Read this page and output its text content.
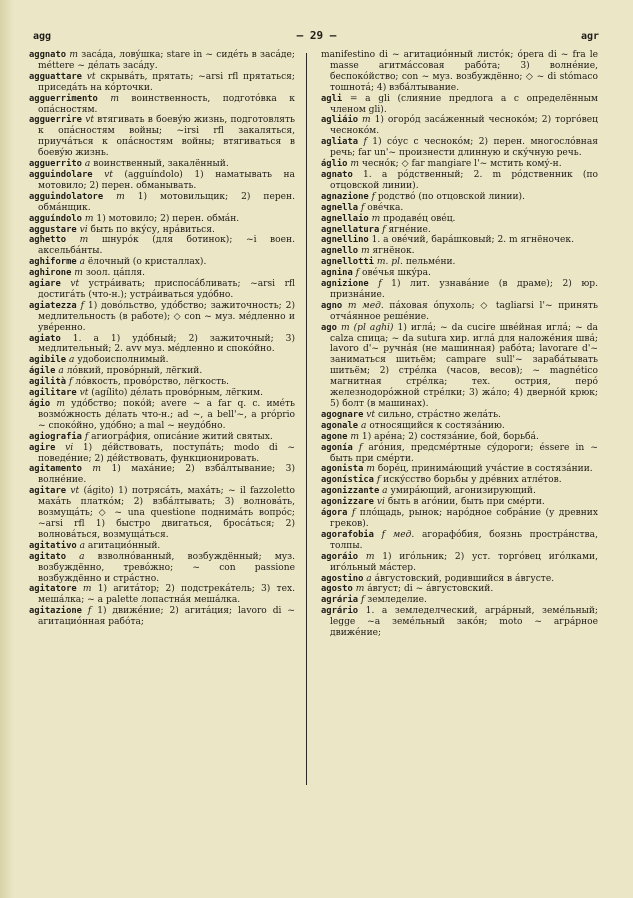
agg	— 29 —	agr

aggnato m засáда, ловýшка; stare in ~ сидéть в засáде; méttere ~ дéлать засáду.

agguattare vt скрывáть, прятать; ~arsi rfl прятаться; приседáть на кóрточки.

agguerrimento m воинственность, подготóвка к опáсностям.

agguerrire vt втягивать в боевýю жизнь, подготовлять к опáсностям войны; ~irsi rfl закаляться, приучáться к опáсностям войны; втягиваться в боевýю жизнь.

agguerrito a воинственный, закалённый.

agguindolare vt (agguíndolo) 1) наматывать на мотовило; 2) перен. обманывать.

agguindolatore m 1) мотовильщик; 2) перен. обмáнщик.

agguíndolo m 1) мотовило; 2) перен. обмáн.

aggustare vi быть по вкýсу, нрáвиться.

aghetto m шнурóк (для ботинок); ~i воен. аксельбáнты.

aghiforme a ёлочный (о кристаллах).

aghirone m зоол. цáпля.

agiare vt устрáивать; приспосáбливать; ~arsi rfl достигáть (что-н.); устрáиваться удóбно.

agiatezza f 1) довóльство, удóбство; зажиточность; 2) медлительность (в работе); ◇ con ~ муз. мéдленно и увéренно.

agiato 1. a 1) удóбный; 2) зажиточный; 3) медлительный; 2. avv муз. мéдленно и спокóйно.

agibile a удобоисполнимый.

ágile a лóвкий, провóрный, лёгкий.

agilità f лóвкость, провóрство, лёгкость.

agilitare vt (agílito) дéлать провóрным, лёгким.

ágio m удóбство; покóй; avere ~ a far q. c. имéть возмóжность дéлать что-н.; ad ~, a bell'~, a próprio ~ спокóйно, удóбно; a mal ~ неудóбно.

agiografia f агиогрáфия, описáние житий святых.

agire vi 1) дéйствовать, поступáть; modo di ~ поведéние; 2) дéйствовать, функционировать.

agitamento m 1) махáние; 2) взбáлтывание; 3) волнéние.

agitare vt (ágito) 1) потрясáть, махáть; ~ il fazzoletto махáть платкóм; 2) взбáлтывать; 3) волновáть, возмущáть; ◇ ~ una questione поднимáть вопрóс; ~arsi rfl 1) быстро двигаться, бросáться; 2) волновáться, возмущáться.

agitativo a агитациóнный.

agitato a взволнóванный, возбуждённый; муз. возбуждённо, тревóжно; ~ con passione возбуждённо и стрáстно.

agitatore m 1) агитáтор; 2) подстрекáтель; 3) тех. мешáлка; ~ a palette лопастнáя мешáлка.

agitazione f 1) движéние; 2) агитáция; lavoro di ~ агитациóнная рабóта;

manifestino di ~ агитациóнный листóк; ópera di ~ fra le masse агитмáссовая рабóта; 3) волнéние, беспокóйство; con ~ муз. возбуждённо; ◇ ~ di stómaco тошнотá; 4) взбáлтывание.

agli = a gli (слияние предлога a с определённым членом gli).

agliáio m 1) огорóд засáженный чеснокóм; 2) торгóвец чеснокóм.

agliata f 1) сóус с чеснокóм; 2) перен. многослóвная речь; far un'~ произнести длинную и скýчную речь.

áglio m чеснóк; ◇ far mangiare l'~ мстить комý-н.

agnato 1. a рóдственный; 2. m рóдственник (по отцовской линии).

agnazione f родствó (по отцовской линии).

agnella f овéчка.

agnellaio m продавéц овéц.

agnellatura f ягнéние.

agnellino 1. a овéчий, барáшковый; 2. m ягнёночек.

agnello m ягнёнок.

agnellotti m. pl. пельмéни.

agnina f овéчья шкýра.

agnizione f 1) лит. узнавáние (в драме); 2) юр. признáние.

agno m мед. пáховая óпухоль; ◇ tagliarsi l'~ принять отчáянное решéние.

ago m (pl aghi) 1) иглá; ~ da cucire швéйная иглá; ~ da calza спица; ~ da sutura хир. иглá для наложéния швá; lavoro d'~ ручнáя (не машинная) рабóта; lavorare d'~ заниматься шитьём; campare sull'~ зарабáтывать шитьём; 2) стрéлка (часов, весов); ~ magnético магнитная стрéлка; тех. острия, перó железнодорóжной стрéлки; 3) жáло; 4) двернóй крюк; 5) болт (в машинах).

agognare vt сильно, стрáстно желáть.

agonale a относящийся к состязáнию.

agone m 1) арéна; 2) состязáние, бой, борьбá.

agonía f агóния, предсмéртные сýдороги; éssere in ~ быть при смéрти.

agonista m борéц, принимáющий учáстие в состязáнии.

agonística f искýсство борьбы у дрéвних атлéтов.

agonizzante a умирáющий, агонизирующий.

agonizzare vi быть в агóнии, быть при смéрти.

ágora f плóщадь, рынок; нарóдное собрáние (у древних греков).

agorafobia f мед. агорафóбия, боязнь прострáнства, толпы.

agoráio m 1) игóльник; 2) уст. торгóвец игóлками, игóльный мáстер.

agostino a áвгустовский, родившийся в áвгусте.

agosto m áвгуст; di ~ áвгустовский.

agrária f земледелие.

agrário 1. a земледелческий, агрáрный, земéльный; legge ~a земéльный закóн; moto ~ агрáрное движéние;
